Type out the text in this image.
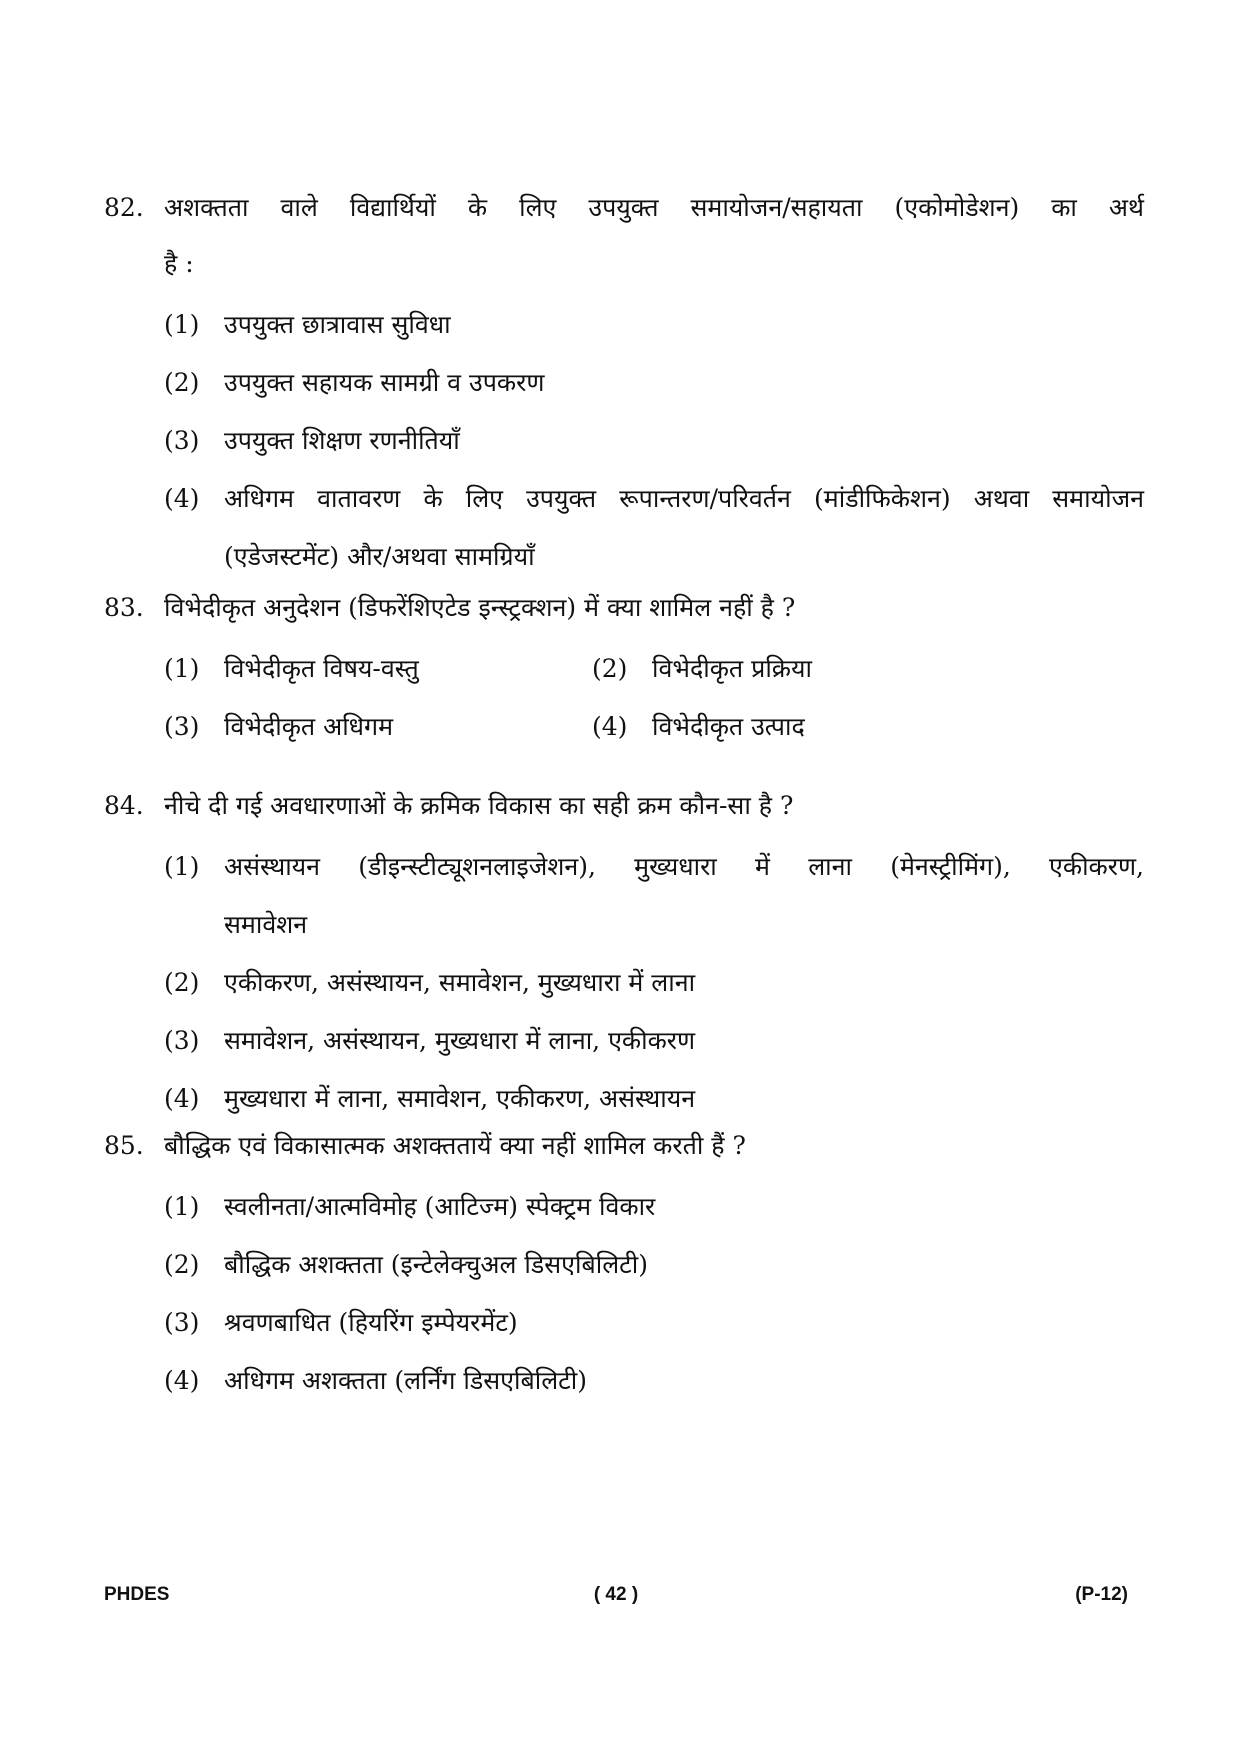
82. अशक्तता वाले विद्यार्थियों के लिए उपयुक्त समायोजन/सहायता (एकोमोडेशन) का अर्थ
है :
(1) उपयुक्त छात्रावास सुविधा
(2) उपयुक्त सहायक सामग्री व उपकरण
(3) उपयुक्त शिक्षण रणनीतियाँ
(4) अधिगम वातावरण के लिए उपयुक्त रूपान्तरण/परिवर्तन (मांडीफिकेशन) अथवा समायोजन
(एडेजस्टमेंट) और/अथवा सामग्रियाँ
83. विभेदीकृत अनुदेशन (डिफरेंशिएटेड इन्स्ट्रक्शन) में क्या शामिल नहीं है ?
(1) विभेदीकृत विषय-वस्तु	(2) विभेदीकृत प्रक्रिया
(3) विभेदीकृत अधिगम	(4) विभेदीकृत उत्पाद
84. नीचे दी गई अवधारणाओं के क्रमिक विकास का सही क्रम कौन-सा है ?
(1) असंस्थायन (डीइन्स्टीट्यूशनलाइजेशन), मुख्यधारा में लाना (मेनस्ट्रीमिंग), एकीकरण,
समावेशन
(2) एकीकरण, असंस्थायन, समावेशन, मुख्यधारा में लाना
(3) समावेशन, असंस्थायन, मुख्यधारा में लाना, एकीकरण
(4) मुख्यधारा में लाना, समावेशन, एकीकरण, असंस्थायन
85. बौद्धिक एवं विकासात्मक अशक्ततायें क्या नहीं शामिल करती हैं ?
(1) स्वलीनता/आत्मविमोह (आटिज्म) स्पेक्ट्रम विकार
(2) बौद्धिक अशक्तता (इन्टेलेक्चुअल डिसएबिलिटी)
(3) श्रवणबाधित (हियरिंग इम्पेयरमेंट)
(4) अधिगम अशक्तता (लर्निंग डिसएबिलिटी)
PHDES	( 42 )	(P-12)
